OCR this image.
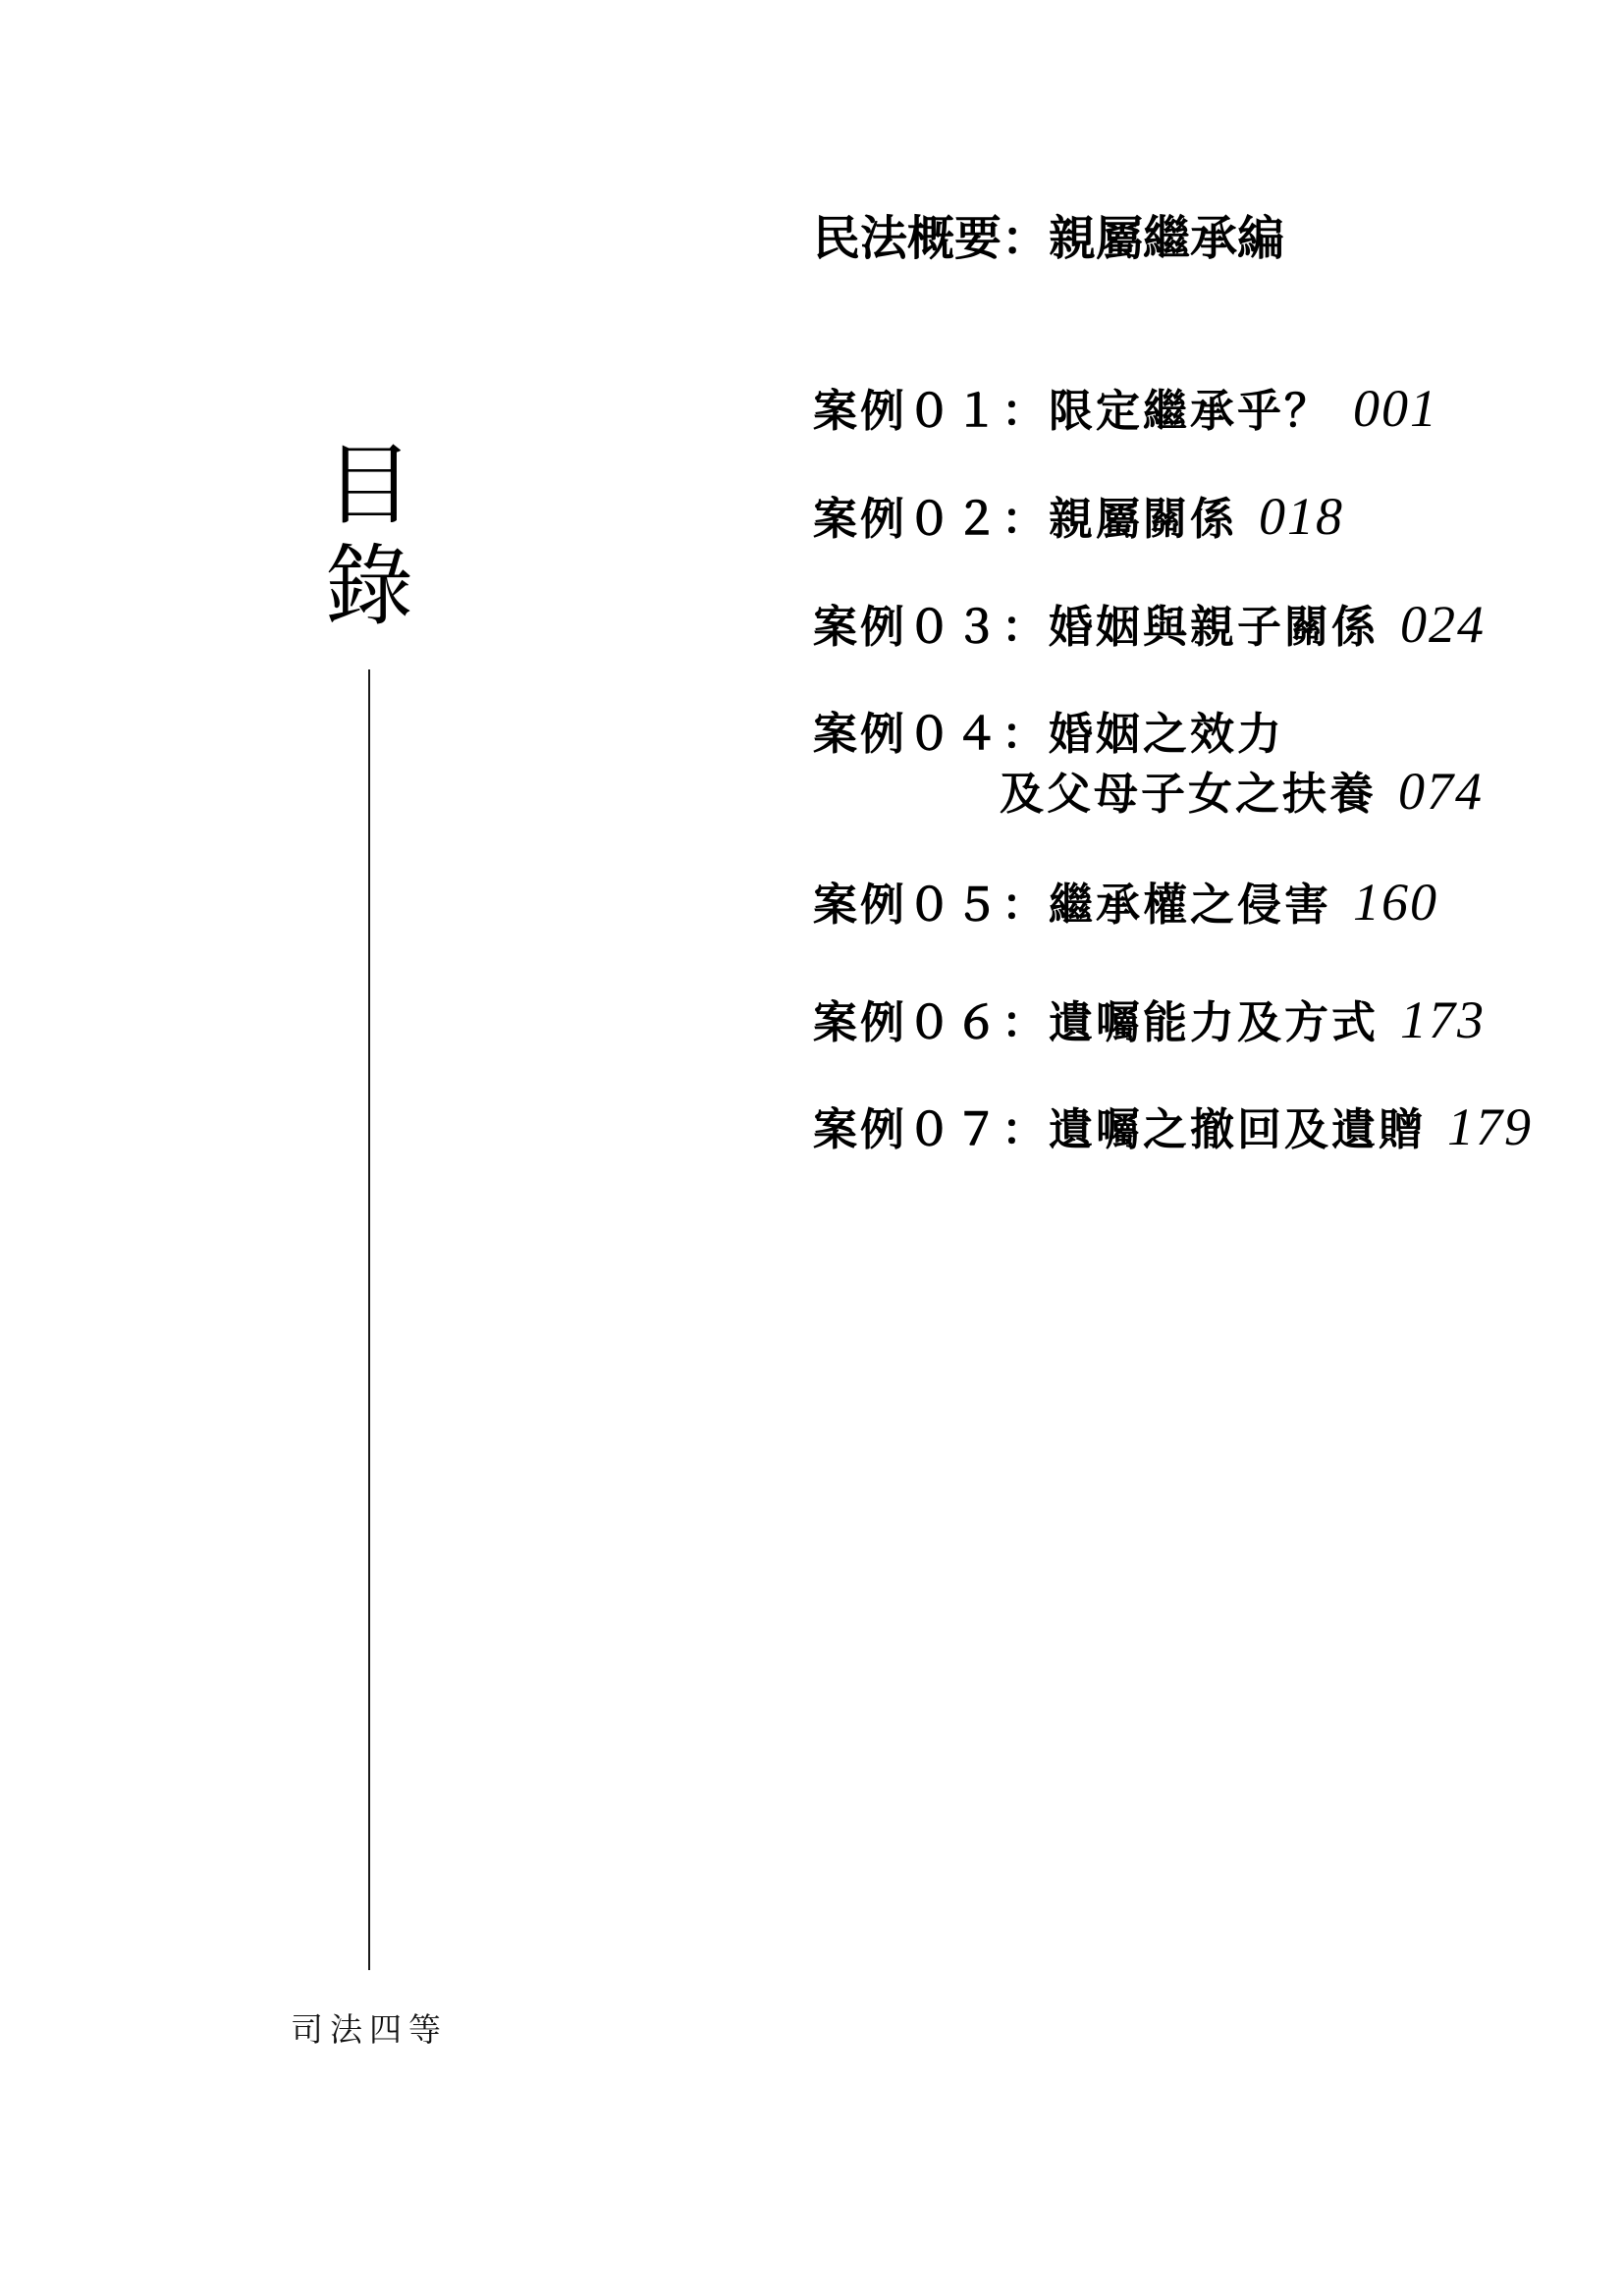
目
錄
司法四等
民法概要：親屬繼承編
案例０１：限定繼承乎？ 001
案例０２：親屬關係 018
案例０３：婚姻與親子關係 024
案例０４：婚姻之效力
及父母子女之扶養 074
案例０５：繼承權之侵害 160
案例０６：遺囑能力及方式 173
案例０７：遺囑之撤回及遺贈 179
